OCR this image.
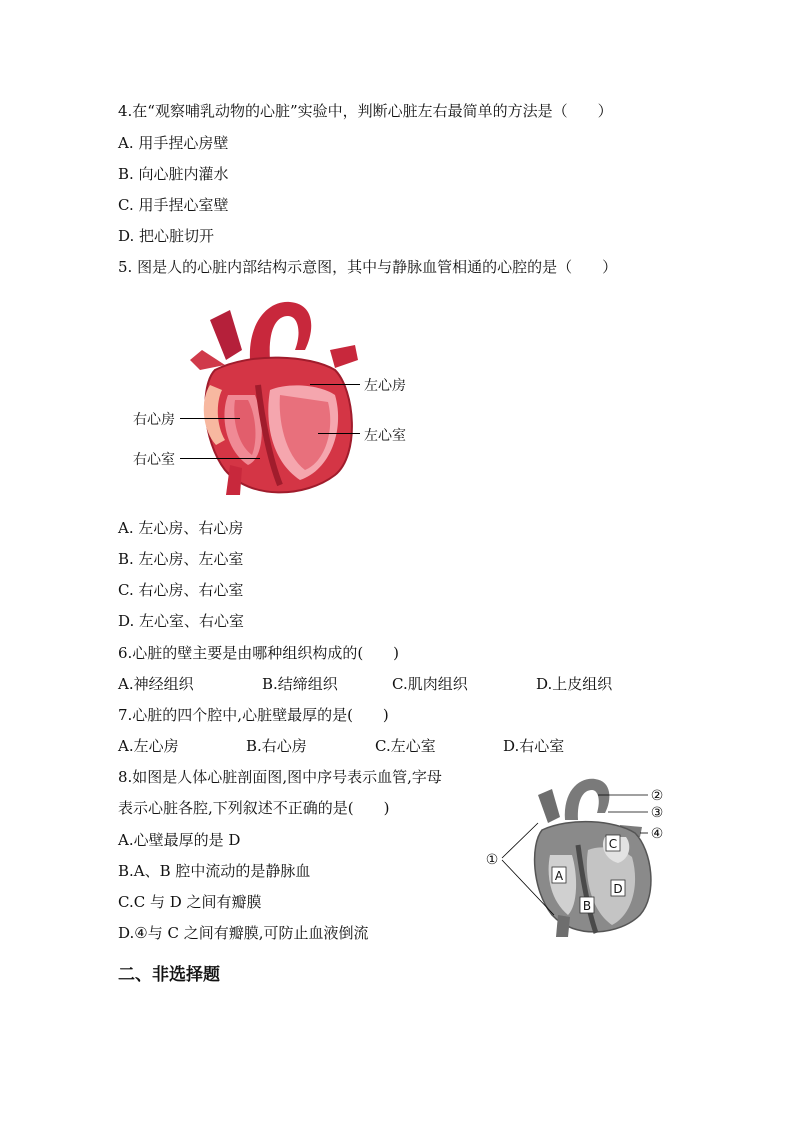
4.在“观察哺乳动物的心脏”实验中，判断心脏左右最简单的方法是（　　）
A. 用手捏心房壁
B. 向心脏内灌水
C. 用手捏心室壁
D. 把心脏切开
5. 图是人的心脏内部结构示意图，其中与静脉血管相通的心腔的是（　　）
左心房
右心房
左心室
右心室
A. 左心房、右心房
B. 左心房、左心室
C. 右心房、右心室
D. 左心室、右心室
6.心脏的壁主要是由哪种组织构成的(　　)
A.神经组织	B.结缔组织	C.肌肉组织	D.上皮组织
7.心脏的四个腔中,心脏壁最厚的是(　　)
A.左心房	B.右心房	C.左心室	D.右心室
8.如图是人体心脏剖面图,图中序号表示血管,字母
表示心脏各腔,下列叙述不正确的是(　　)
A.心壁最厚的是 D
B.A、B 腔中流动的是静脉血
C.C 与 D 之间有瓣膜
D.④与 C 之间有瓣膜,可防止血液倒流
A
B
C
D
①
②
③
④
二、非选择题
